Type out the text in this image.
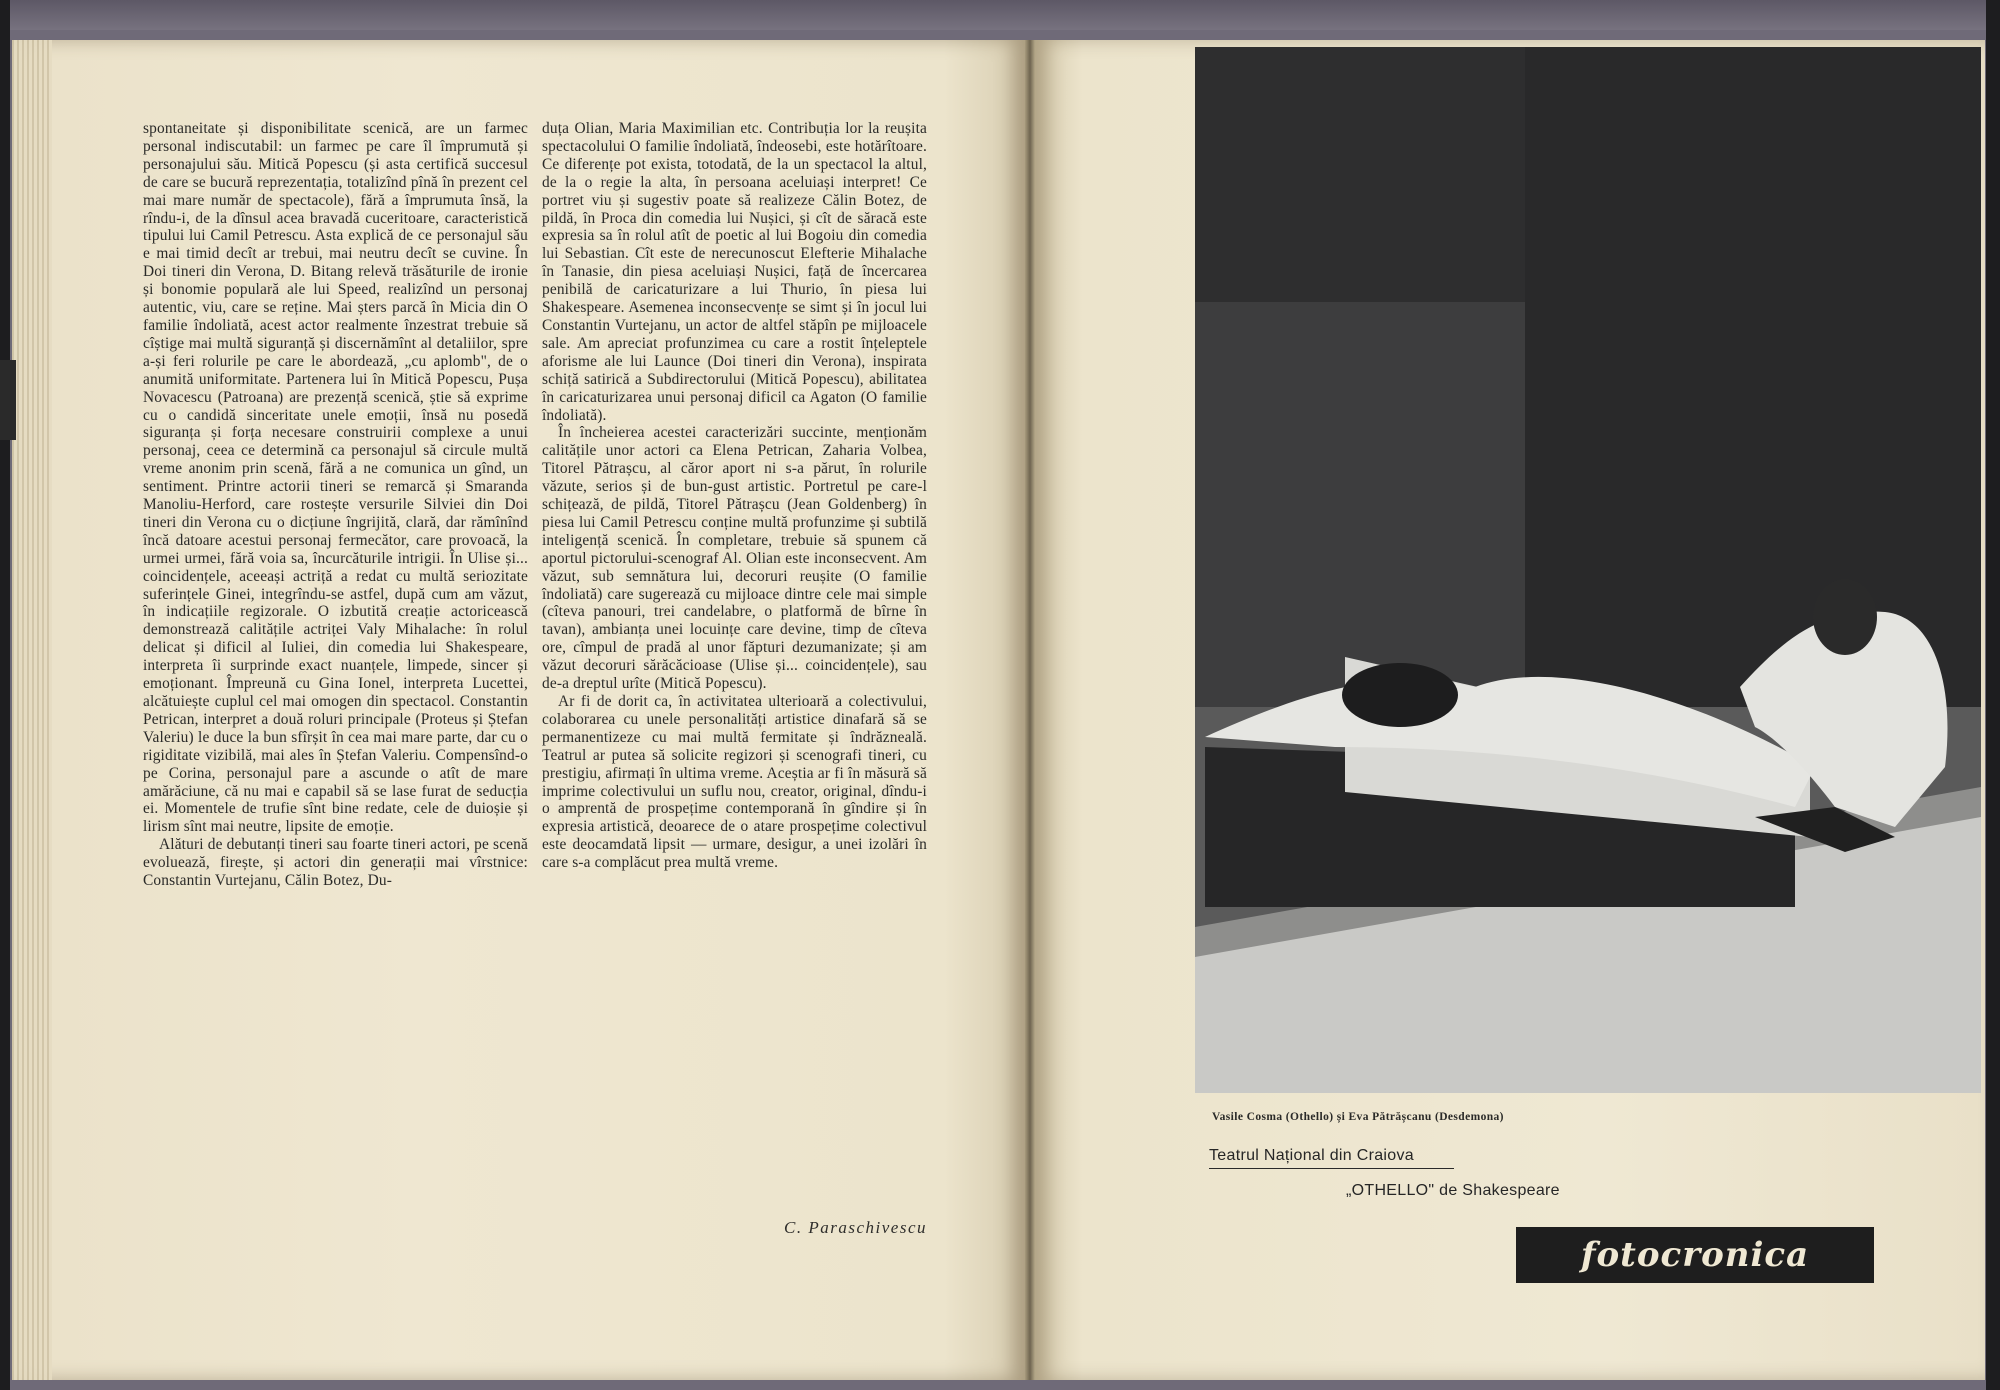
spontaneitate și disponibilitate scenică, are un farmec personal indiscutabil: un farmec pe care îl împrumută și personajului său. Mitică Popescu (și asta certifică succesul de care se bucură reprezentația, totalizînd pînă în prezent cel mai mare număr de spectacole), fără a împrumuta însă, la rîndu-i, de la dînsul acea bravadă cuceritoare, caracteristică tipului lui Camil Petrescu. Asta explică de ce personajul său e mai timid decît ar trebui, mai neutru decît se cuvine. În Doi tineri din Verona, D. Bitang relevă trăsăturile de ironie și bonomie populară ale lui Speed, realizînd un personaj autentic, viu, care se reține. Mai șters parcă în Micia din O familie îndoliată, acest actor realmente înzestrat trebuie să cîștige mai multă siguranță și discernămînt al detaliilor, spre a-și feri rolurile pe care le abordează, „cu aplomb", de o anumită uniformitate. Partenera lui în Mitică Popescu, Pușa Novacescu (Patroana) are prezență scenică, știe să exprime cu o candidă sinceritate unele emoții, însă nu posedă siguranța și forța necesare construirii complexe a unui personaj, ceea ce determină ca personajul să circule multă vreme anonim prin scenă, fără a ne comunica un gînd, un sentiment. Printre actorii tineri se remarcă și Smaranda Manoliu-Herford, care rostește versurile Silviei din Doi tineri din Verona cu o dicțiune îngrijită, clară, dar rămînînd încă datoare acestui personaj fermecător, care provoacă, la urmei urmei, fără voia sa, încurcăturile intrigii. În Ulise și... coincidențele, aceeași actriță a redat cu multă seriozitate suferințele Ginei, integrîndu-se astfel, după cum am văzut, în indicațiile regizorale. O izbutită creație actoricească demonstrează calitățile actriței Valy Mihalache: în rolul delicat și dificil al Iuliei, din comedia lui Shakespeare, interpreta îi surprinde exact nuanțele, limpede, sincer și emoționant. Împreună cu Gina Ionel, interpreta Lucettei, alcătuiește cuplul cel mai omogen din spectacol. Constantin Petrican, interpret a două roluri principale (Proteus și Ștefan Valeriu) le duce la bun sfîrșit în cea mai mare parte, dar cu o rigiditate vizibilă, mai ales în Ștefan Valeriu. Compensînd-o pe Corina, personajul pare a ascunde o atît de mare amărăciune, că nu mai e capabil să se lase furat de seducția ei. Momentele de trufie sînt bine redate, cele de duioșie și lirism sînt mai neutre, lipsite de emoție.

Alături de debutanți tineri sau foarte tineri actori, pe scenă evoluează, firește, și actori din generații mai vîrstnice: Constantin Vurtejanu, Călin Botez, Du-

duța Olian, Maria Maximilian etc. Contribuția lor la reușita spectacolului O familie îndoliată, îndeosebi, este hotărîtoare. Ce diferențe pot exista, totodată, de la un spectacol la altul, de la o regie la alta, în persoana aceluiași interpret! Ce portret viu și sugestiv poate să realizeze Călin Botez, de pildă, în Proca din comedia lui Nușici, și cît de săracă este expresia sa în rolul atît de poetic al lui Bogoiu din comedia lui Sebastian. Cît este de nerecunoscut Elefterie Mihalache în Tanasie, din piesa aceluiași Nușici, față de încercarea penibilă de caricaturizare a lui Thurio, în piesa lui Shakespeare. Asemenea inconsecvențe se simt și în jocul lui Constantin Vurtejanu, un actor de altfel stăpîn pe mijloacele sale. Am apreciat profunzimea cu care a rostit înțeleptele aforisme ale lui Launce (Doi tineri din Verona), inspirata schiță satirică a Subdirectorului (Mitică Popescu), abilitatea în caricaturizarea unui personaj dificil ca Agaton (O familie îndoliată).

În încheierea acestei caracterizări succinte, menționăm calitățile unor actori ca Elena Petrican, Zaharia Volbea, Titorel Pătrașcu, al căror aport ni s-a părut, în rolurile văzute, serios și de bun-gust artistic. Portretul pe care-l schițează, de pildă, Titorel Pătrașcu (Jean Goldenberg) în piesa lui Camil Petrescu conține multă profunzime și subtilă inteligență scenică. În completare, trebuie să spunem că aportul pictorului-scenograf Al. Olian este inconsecvent. Am văzut, sub semnătura lui, decoruri reușite (O familie îndoliată) care sugerează cu mijloace dintre cele mai simple (cîteva panouri, trei candelabre, o platformă de bîrne în tavan), ambianța unei locuințe care devine, timp de cîteva ore, cîmpul de pradă al unor făpturi dezumanizate; și am văzut decoruri sărăcăcioase (Ulise și... coincidențele), sau de-a dreptul urîte (Mitică Popescu).

Ar fi de dorit ca, în activitatea ulterioară a colectivului, colaborarea cu unele personalități artistice dinafară să se permanentizeze cu mai multă fermitate și îndrăzneală. Teatrul ar putea să solicite regizori și scenografi tineri, cu prestigiu, afirmați în ultima vreme. Aceștia ar fi în măsură să imprime colectivului un suflu nou, creator, original, dîndu-i o amprentă de prospețime contemporană în gîndire și în expresia artistică, deoarece de o atare prospețime colectivul este deocamdată lipsit — urmare, desigur, a unei izolări în care s-a complăcut prea multă vreme.

C. Paraschivescu
Vasile Cosma (Othello) și Eva Pătrășcanu (Desdemona)
Teatrul Național din Craiova
„OTHELLO" de Shakespeare
fotocronica
